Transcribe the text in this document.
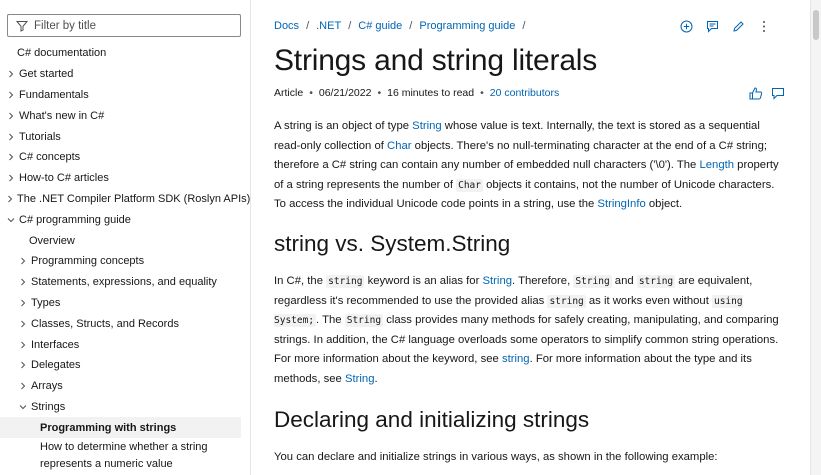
Filter by title
C# documentation
Get started
Fundamentals
What's new in C#
Tutorials
C# concepts
How-to C# articles
The .NET Compiler Platform SDK (Roslyn APIs)
C# programming guide
Overview
Programming concepts
Statements, expressions, and equality
Types
Classes, Structs, and Records
Interfaces
Delegates
Arrays
Strings
Programming with strings
How to determine whether a string represents a numeric value
Docs / .NET / C# guide / Programming guide /
Strings and string literals
Article • 06/21/2022 • 16 minutes to read • 20 contributors
A string is an object of type String whose value is text. Internally, the text is stored as a sequential read-only collection of Char objects. There's no null-terminating character at the end of a C# string; therefore a C# string can contain any number of embedded null characters ('\0'). The Length property of a string represents the number of Char objects it contains, not the number of Unicode characters. To access the individual Unicode code points in a string, use the StringInfo object.
string vs. System.String
In C#, the string keyword is an alias for String. Therefore, String and string are equivalent, regardless it's recommended to use the provided alias string as it works even without using System; . The String class provides many methods for safely creating, manipulating, and comparing strings. In addition, the C# language overloads some operators to simplify common string operations. For more information about the keyword, see string. For more information about the type and its methods, see String.
Declaring and initializing strings
You can declare and initialize strings in various ways, as shown in the following example:
